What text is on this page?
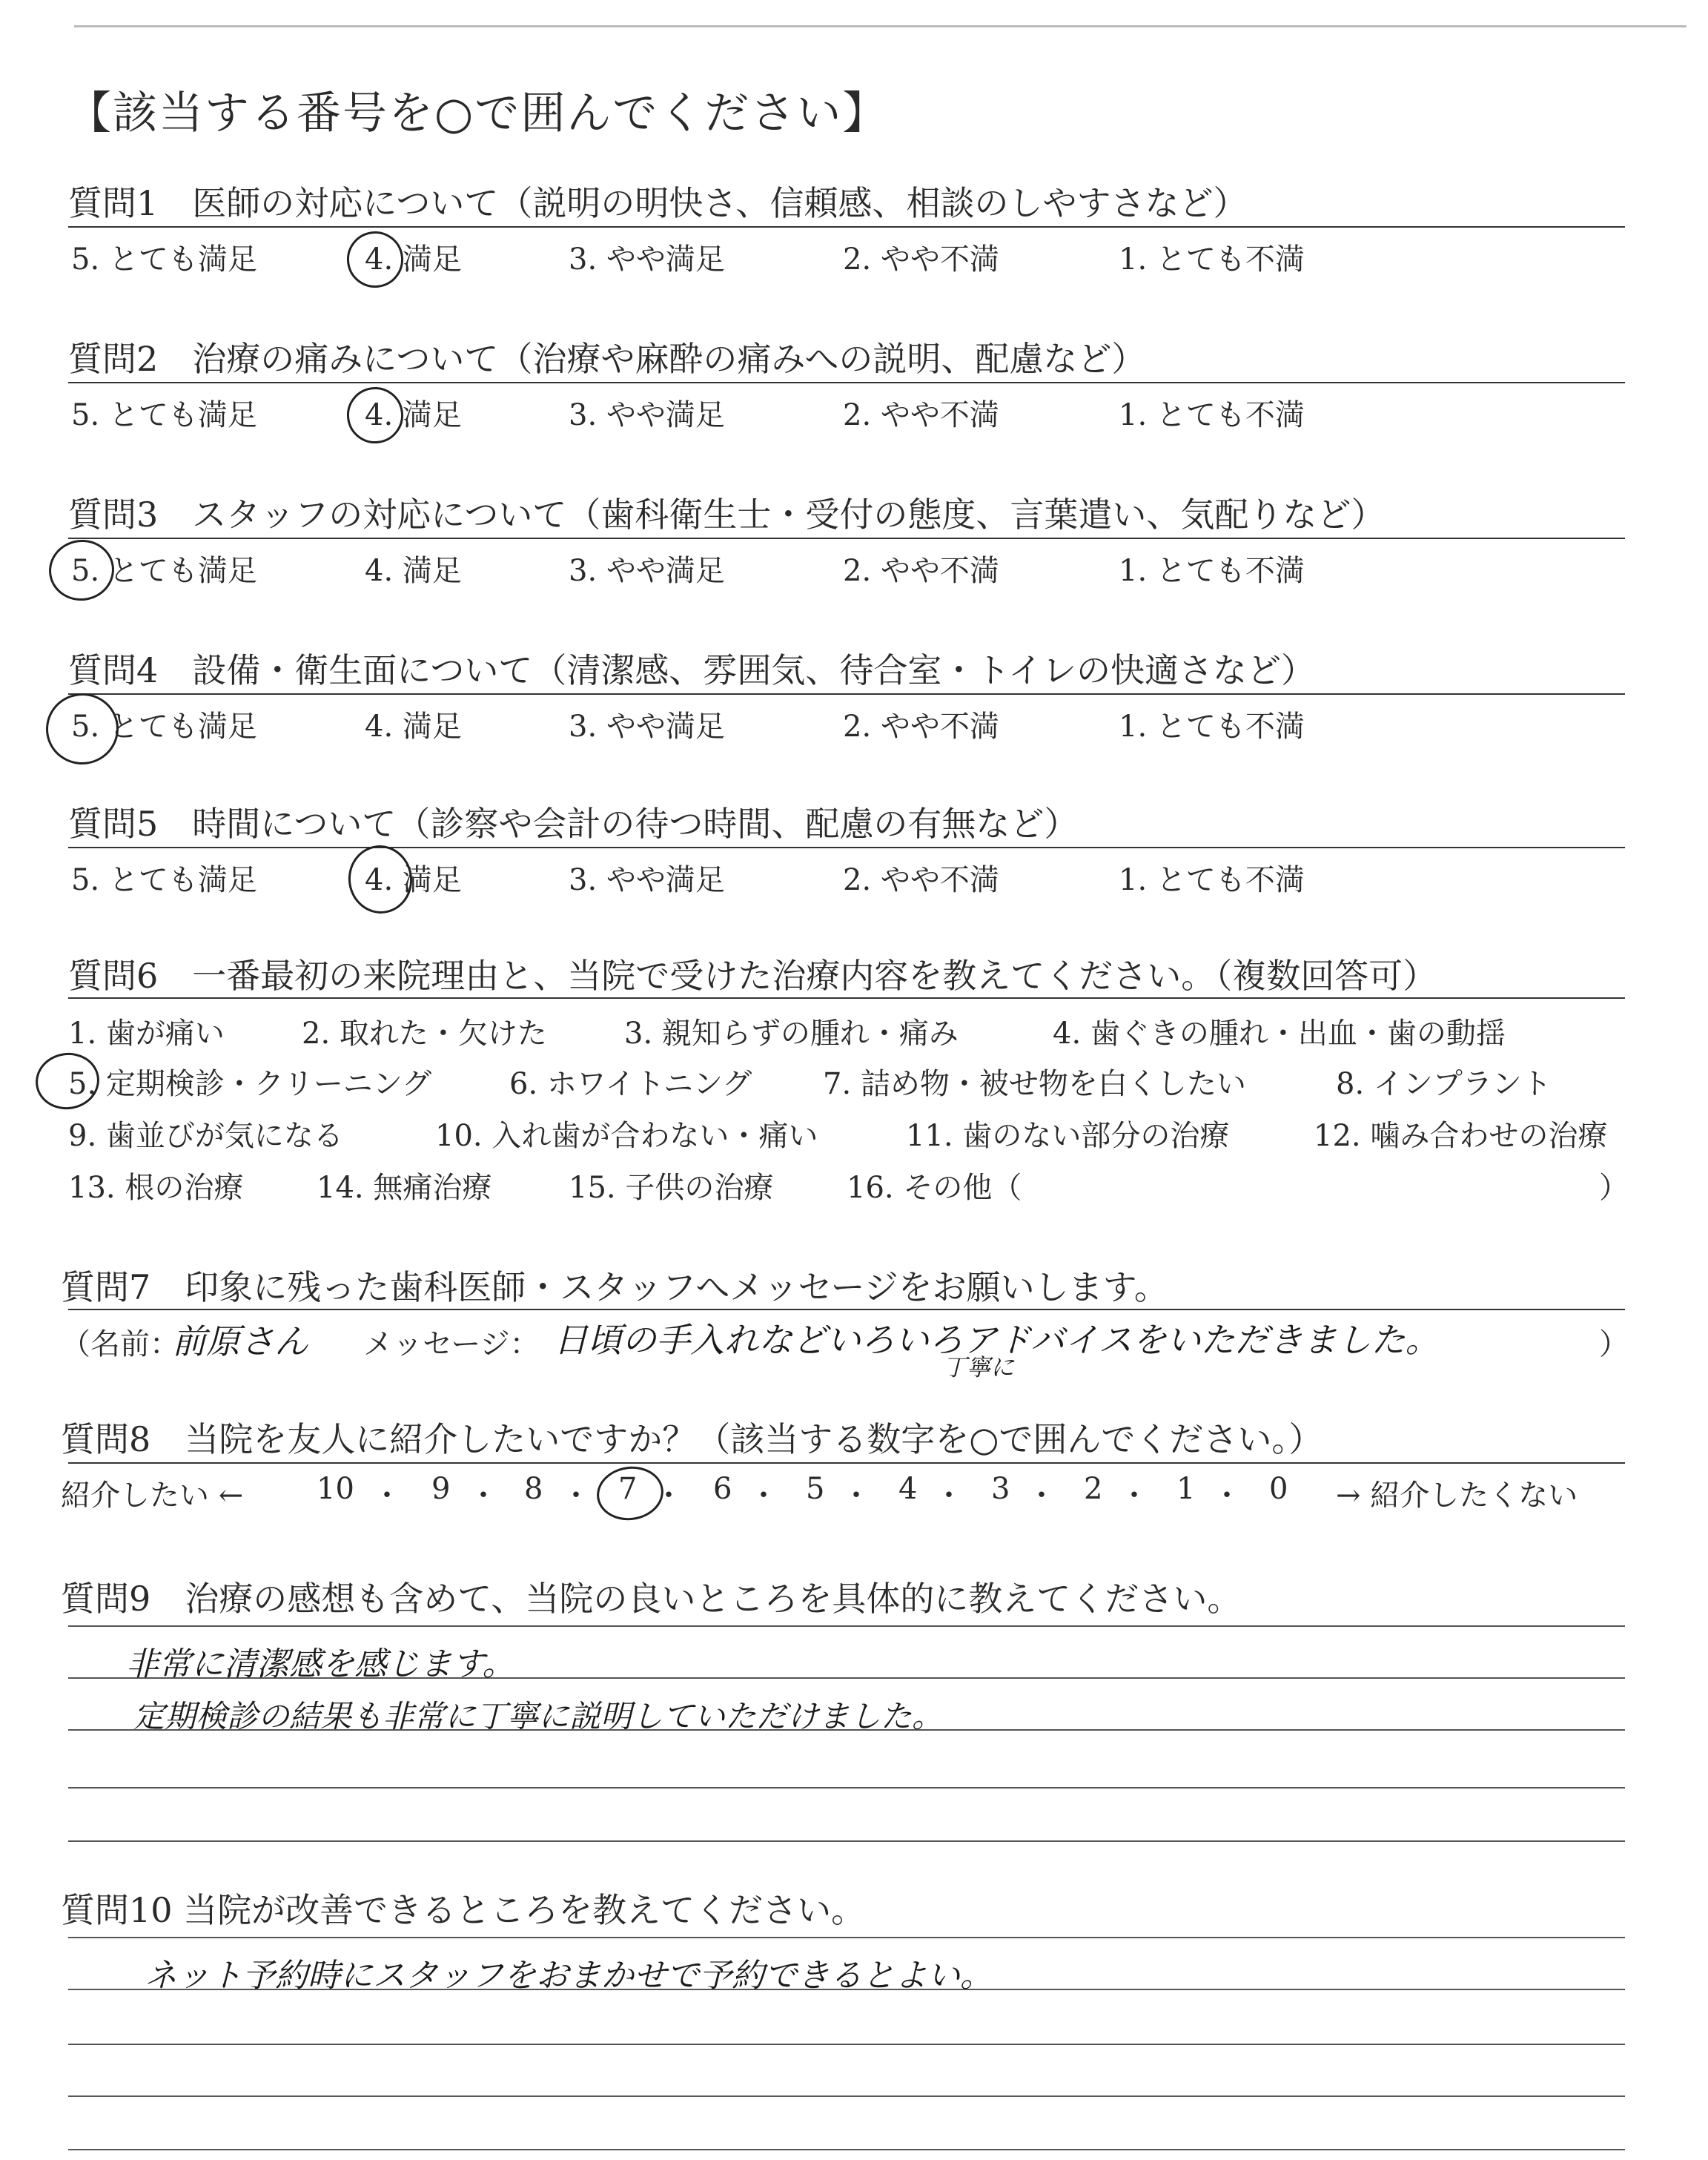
【該当する番号を○で囲んでください】
質問1　医師の対応について（説明の明快さ、信頼感、相談のしやすさなど）
5. とても満足	4. 満足	3. やや満足	2. やや不満	1. とても不満
質問2　治療の痛みについて（治療や麻酔の痛みへの説明、配慮など）
5. とても満足	4. 満足	3. やや満足	2. やや不満	1. とても不満
質問3　スタッフの対応について（歯科衛生士・受付の態度、言葉遣い、気配りなど）
5. とても満足	4. 満足	3. やや満足	2. やや不満	1. とても不満
質問4　設備・衛生面について（清潔感、雰囲気、待合室・トイレの快適さなど）
5. とても満足	4. 満足	3. やや満足	2. やや不満	1. とても不満
質問5　時間について（診察や会計の待つ時間、配慮の有無など）
5. とても満足	4. 満足	3. やや満足	2. やや不満	1. とても不満
質問6　一番最初の来院理由と、当院で受けた治療内容を教えてください。（複数回答可）
1. 歯が痛い	2. 取れた・欠けた	3. 親知らずの腫れ・痛み	4. 歯ぐきの腫れ・出血・歯の動揺
5. 定期検診・クリーニング	6. ホワイトニング 7. 詰め物・被せ物を白くしたい	8. インプラント
9. 歯並びが気になる	10. 入れ歯が合わない・痛い	11. 歯のない部分の治療	12. 噛み合わせの治療
13. 根の治療 14. 無痛治療	15. 子供の治療 16. その他（	）
質問7　印象に残った歯科医師・スタッフへメッセージをお願いします。
（名前：
前原さん メッセージ： 日頃の手入れなどいろいろアドバイスをいただきました。
丁寧に
）
質問8　当院を友人に紹介したいですか？（該当する数字を○で囲んでください。）
紹介したい ← 10 ・ 9 ・ 8 ・ 7 ・ 6 ・ 5 ・ 4 ・ 3 ・ 2 ・ 1 ・ 0 → 紹介したくない
質問9　治療の感想も含めて、当院の良いところを具体的に教えてください。
非常に清潔感を感じます。
定期検診の結果も非常に丁寧に説明していただけました。
質問10 当院が改善できるところを教えてください。
ネット予約時にスタッフをおまかせで予約できるとよい。
